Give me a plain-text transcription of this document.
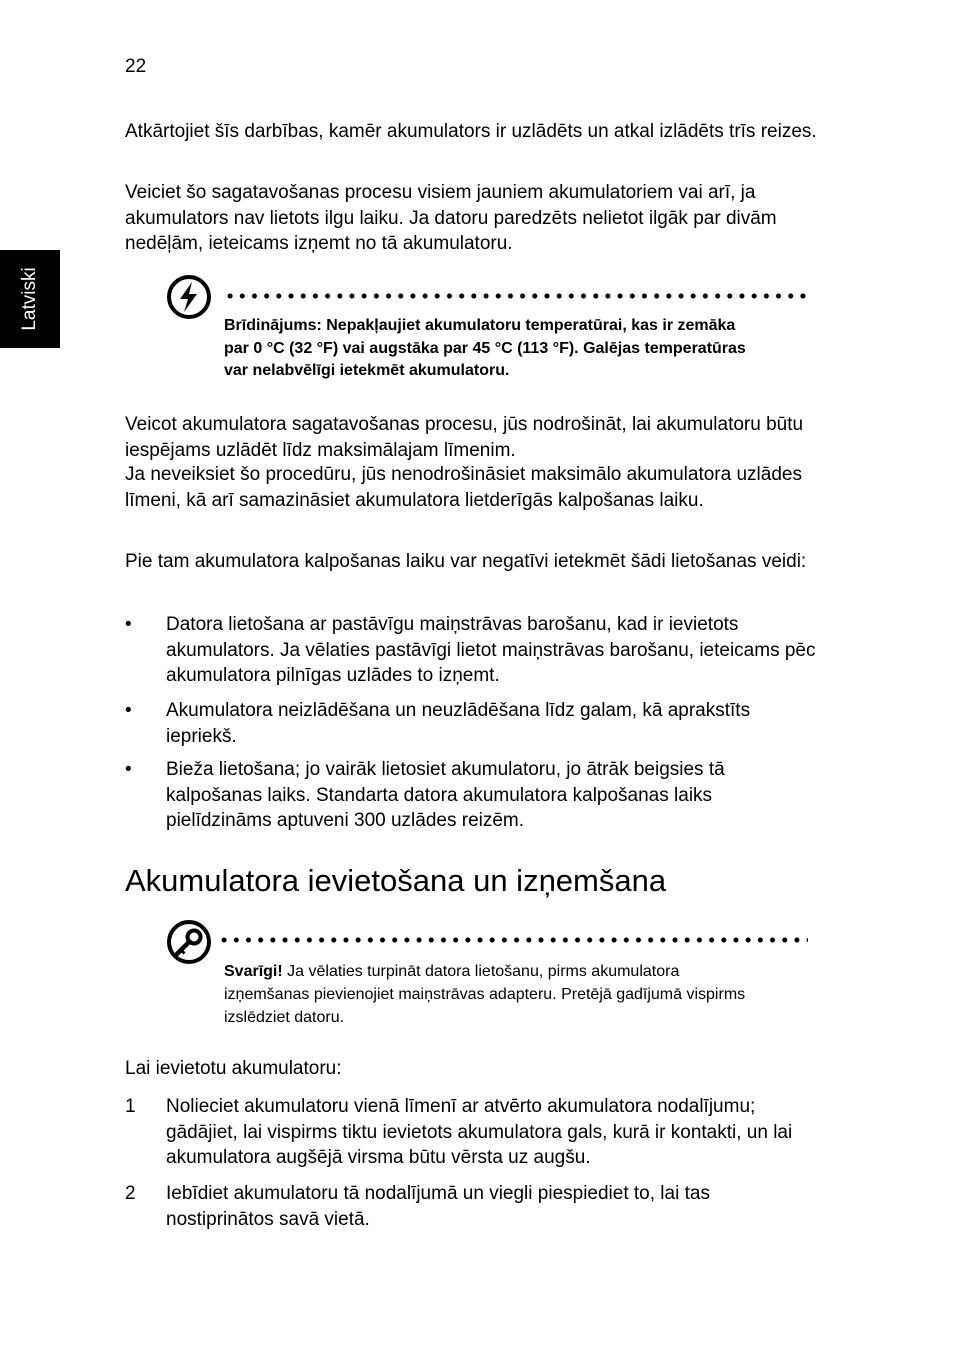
22
Latviski

Atkārtojiet šīs darbības, kamēr akumulators ir uzlādēts un atkal izlādēts trīs reizes.

Veiciet šo sagatavošanas procesu visiem jauniem akumulatoriem vai arī, ja akumulators nav lietots ilgu laiku. Ja datoru paredzēts nelietot ilgāk par divām nedēļām, ieteicams izņemt no tā akumulatoru.

Brīdinājums: Nepakļaujiet akumulatoru temperatūrai, kas ir zemāka par 0 °C (32 °F) vai augstāka par 45 °C (113 °F). Galējas temperatūras var nelabvēlīgi ietekmēt akumulatoru.

Veicot akumulatora sagatavošanas procesu, jūs nodrošināt, lai akumulatoru būtu iespējams uzlādēt līdz maksimālajam līmenim.

Ja neveiksiet šo procedūru, jūs nenodrošināsiet maksimālo akumulatora uzlādes līmeni, kā arī samazināsiet akumulatora lietderīgās kalpošanas laiku.

Pie tam akumulatora kalpošanas laiku var negatīvi ietekmēt šādi lietošanas veidi:

• Datora lietošana ar pastāvīgu maiņstrāvas barošanu, kad ir ievietots akumulators. Ja vēlaties pastāvīgi lietot maiņstrāvas barošanu, ieteicams pēc akumulatora pilnīgas uzlādes to izņemt.

• Akumulatora neizlādēšana un neuzlādēšana līdz galam, kā aprakstīts iepriekš.

• Bieža lietošana; jo vairāk lietosiet akumulatoru, jo ātrāk beigsies tā kalpošanas laiks. Standarta datora akumulatora kalpošanas laiks pielīdzināms aptuveni 300 uzlādes reizēm.

Akumulatora ievietošana un izņemšana

Svarīgi! Ja vēlaties turpināt datora lietošanu, pirms akumulatora izņemšanas pievienojiet maiņstrāvas adapteru. Pretējā gadījumā vispirms izslēdziet datoru.

Lai ievietotu akumulatoru:

1 Nolieciet akumulatoru vienā līmenī ar atvērto akumulatora nodalījumu; gādājiet, lai vispirms tiktu ievietots akumulatora gals, kurā ir kontakti, un lai akumulatora augšējā virsma būtu vērsta uz augšu.

2 Iebīdiet akumulatoru tā nodalījumā un viegli piespiediet to, lai tas nostiprinātos savā vietā.
